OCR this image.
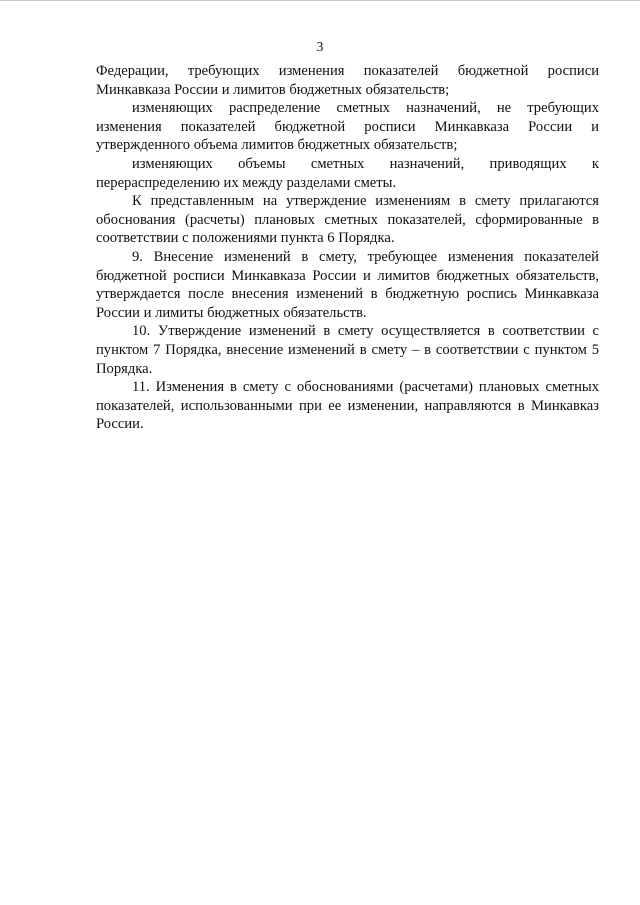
3

Федерации, требующих изменения показателей бюджетной росписи Минкавказа России и лимитов бюджетных обязательств;

изменяющих распределение сметных назначений, не требующих изменения показателей бюджетной росписи Минкавказа России и утвержденного объема лимитов бюджетных обязательств;

изменяющих объемы сметных назначений, приводящих к перераспределению их между разделами сметы.

К представленным на утверждение изменениям в смету прилагаются обоснования (расчеты) плановых сметных показателей, сформированные в соответствии с положениями пункта 6 Порядка.

9. Внесение изменений в смету, требующее изменения показателей бюджетной росписи Минкавказа России и лимитов бюджетных обязательств, утверждается после внесения изменений в бюджетную роспись Минкавказа России и лимиты бюджетных обязательств.

10. Утверждение изменений в смету осуществляется в соответствии с пунктом 7 Порядка, внесение изменений в смету – в соответствии с пунктом 5 Порядка.

11. Изменения в смету с обоснованиями (расчетами) плановых сметных показателей, использованными при ее изменении, направляются в Минкавказ России.
